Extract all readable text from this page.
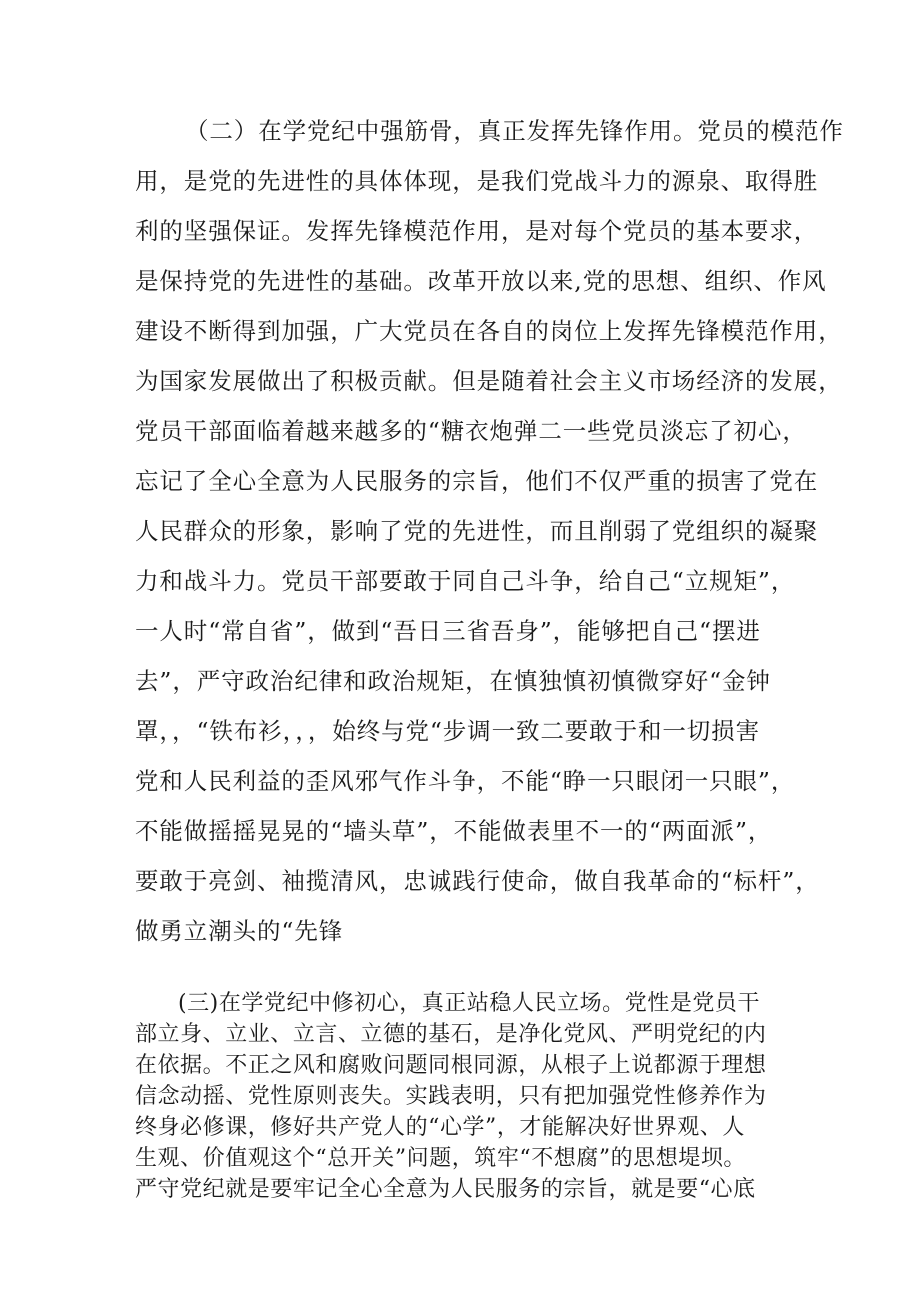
（二）在学党纪中强筋骨，真正发挥先锋作用。党员的模范作
用，是党的先进性的具体体现，是我们党战斗力的源泉、取得胜
利的坚强保证。发挥先锋模范作用，是对每个党员的基本要求，
是保持党的先进性的基础。改革开放以来,党的思想、组织、作风
建设不断得到加强，广大党员在各自的岗位上发挥先锋模范作用，
为国家发展做出了积极贡献。但是随着社会主义市场经济的发展，
党员干部面临着越来越多的“糖衣炮弹二一些党员淡忘了初心，
忘记了全心全意为人民服务的宗旨，他们不仅严重的损害了党在
人民群众的形象，影响了党的先进性，而且削弱了党组织的凝聚
力和战斗力。党员干部要敢于同自己斗争，给自己“立规矩”，
一人时“常自省”，做到“吾日三省吾身”，能够把自己“摆进
去”，严守政治纪律和政治规矩，在慎独慎初慎微穿好“金钟
罩，，“铁布衫，，，始终与党“步调一致二要敢于和一切损害
党和人民利益的歪风邪气作斗争，不能“睁一只眼闭一只眼”，
不能做摇摇晃晃的“墙头草”，不能做表里不一的“两面派”，
要敢于亮剑、袖揽清风，忠诚践行使命，做自我革命的“标杆”，
做勇立潮头的“先锋
(三)在学党纪中修初心，真正站稳人民立场。党性是党员干
部立身、立业、立言、立德的基石，是净化党风、严明党纪的内
在依据。不正之风和腐败问题同根同源，从根子上说都源于理想
信念动摇、党性原则丧失。实践表明，只有把加强党性修养作为
终身必修课，修好共产党人的“心学”，才能解决好世界观、人
生观、价值观这个“总开关”问题，筑牢“不想腐”的思想堤坝。
严守党纪就是要牢记全心全意为人民服务的宗旨，就是要“心底
